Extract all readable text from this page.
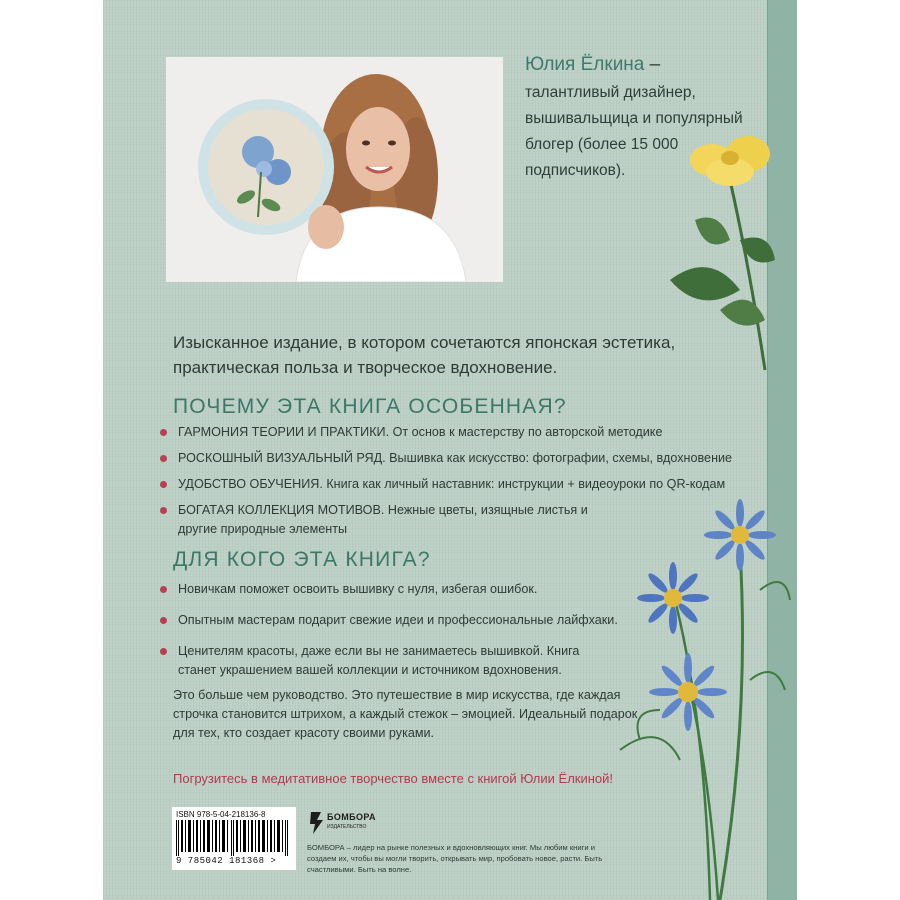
Юлия Ёлкина –
талантливый дизайнер, вышивальщица и популярный блогер (более 15 000 подписчиков).
Изысканное издание, в котором сочетаются японская эстетика, практическая польза и творческое вдохновение.
ПОЧЕМУ ЭТА КНИГА ОСОБЕННАЯ?
ГАРМОНИЯ ТЕОРИИ И ПРАКТИКИ. От основ к мастерству по авторской методике
РОСКОШНЫЙ ВИЗУАЛЬНЫЙ РЯД. Вышивка как искусство: фотографии, схемы, вдохновение
УДОБСТВО ОБУЧЕНИЯ. Книга как личный наставник: инструкции + видеоуроки по QR-кодам
БОГАТАЯ КОЛЛЕКЦИЯ МОТИВОВ. Нежные цветы, изящные листья и другие природные элементы
ДЛЯ КОГО ЭТА КНИГА?
Новичкам поможет освоить вышивку с нуля, избегая ошибок.
Опытным мастерам подарит свежие идеи и профессиональные лайфхаки.
Ценителям красоты, даже если вы не занимаетесь вышивкой. Книга станет украшением вашей коллекции и источником вдохновения.
Это больше чем руководство. Это путешествие в мир искусства, где каждая строчка становится штрихом, а каждый стежок – эмоцией. Идеальный подарок для тех, кто создает красоту своими руками.
Погрузитесь в медитативное творчество вместе с книгой Юлии Ёлкиной!
ISBN 978-5-04-218136-8
9 785042 181368 >
БОМБОРА
ИЗДАТЕЛЬСТВО
БОМБОРА – лидер на рынке полезных и вдохновляющих книг. Мы любим книги и создаем их, чтобы вы могли творить, открывать мир, пробовать новое, расти. Быть счастливыми. Быть на волне.
